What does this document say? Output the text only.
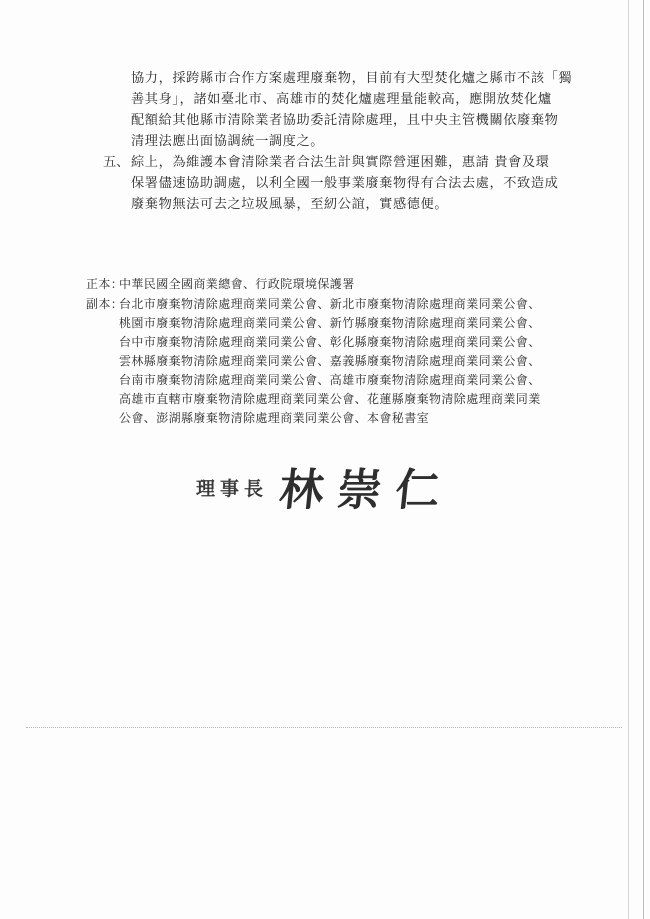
協力，採跨縣市合作方案處理廢棄物，目前有大型焚化爐之縣市不該「獨
善其身」，諸如臺北市、高雄市的焚化爐處理量能較高，應開放焚化爐
配額給其他縣市清除業者協助委託清除處理，且中央主管機關依廢棄物
清理法應出面協調統一調度之。
五、 綜上，為維護本會清除業者合法生計與實際營運困難，惠請 貴會及環
保署儘速協助調處，以利全國一般事業廢棄物得有合法去處，不致造成
廢棄物無法可去之垃圾風暴，至紉公誼，實感德便。
正本：
中華民國全國商業總會、行政院環境保護署
副本：
台北市廢棄物清除處理商業同業公會、新北市廢棄物清除處理商業同業公會、
桃園市廢棄物清除處理商業同業公會、新竹縣廢棄物清除處理商業同業公會、
台中市廢棄物清除處理商業同業公會、彰化縣廢棄物清除處理商業同業公會、
雲林縣廢棄物清除處理商業同業公會、嘉義縣廢棄物清除處理商業同業公會、
台南市廢棄物清除處理商業同業公會、高雄市廢棄物清除處理商業同業公會、
高雄市直轄市廢棄物清除處理商業同業公會、花蓮縣廢棄物清除處理商業同業
公會、澎湖縣廢棄物清除處理商業同業公會、本會秘書室
理事長 林崇仁
